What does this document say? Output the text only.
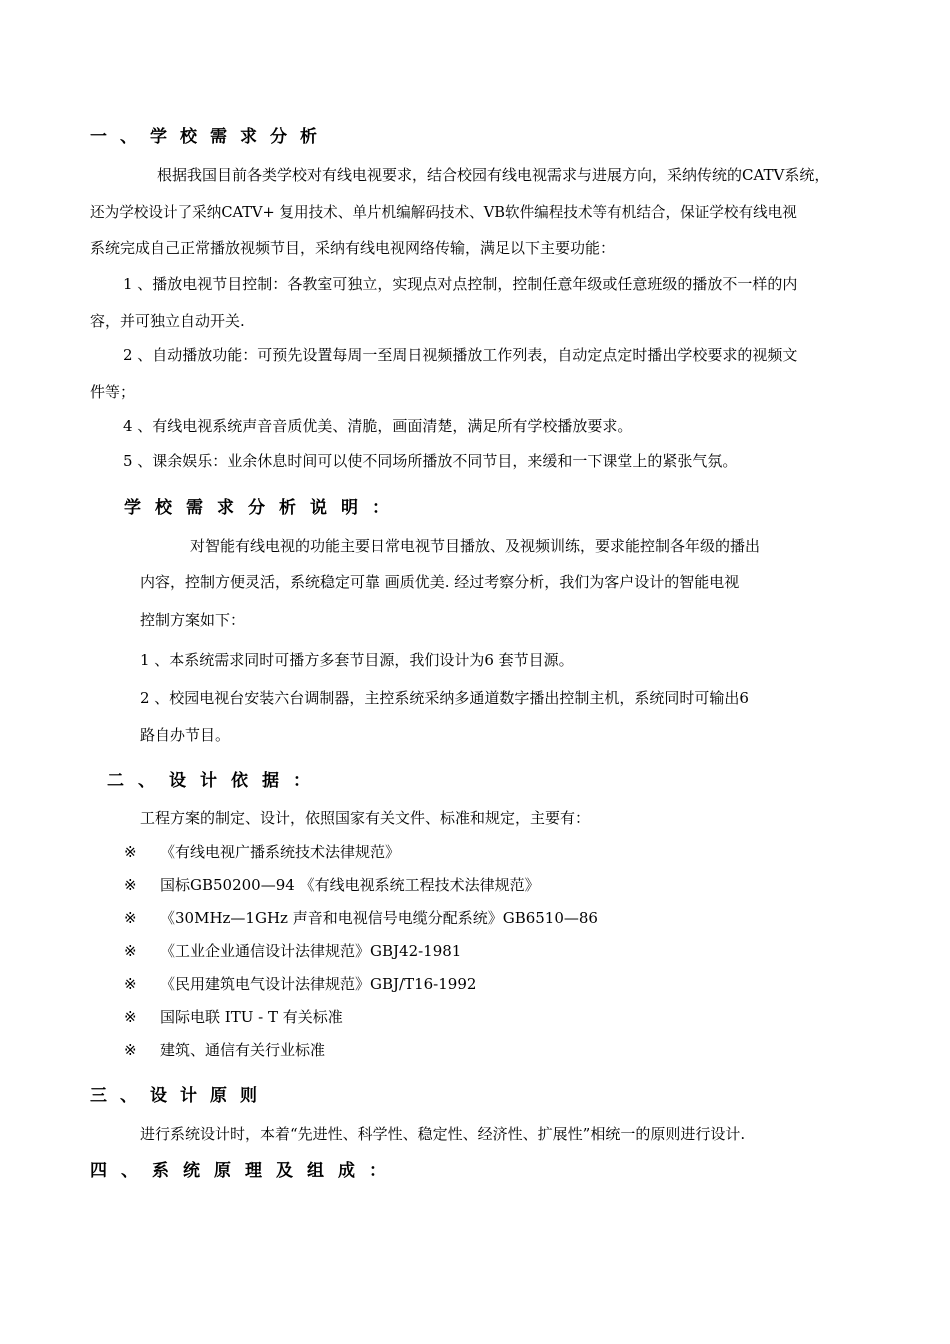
一、学校需求分析
根据我国目前各类学校对有线电视要求，结合校园有线电视需求与进展方向，采纳传统的CATV系统，
还为学校设计了采纳CATV+ 复用技术、单片机编解码技术、VB软件编程技术等有机结合，保证学校有线电视
系统完成自己正常播放视频节目，采纳有线电视网络传输，满足以下主要功能：
1 、播放电视节目控制：各教室可独立，实现点对点控制，控制任意年级或任意班级的播放不一样的内
容，并可独立自动开关.
2 、自动播放功能：可预先设置每周一至周日视频播放工作列表，自动定点定时播出学校要求的视频文
件等；
4 、有线电视系统声音音质优美、清脆，画面清楚，满足所有学校播放要求。
5 、课余娱乐：业余休息时间可以使不同场所播放不同节目，来缓和一下课堂上的紧张气氛。
学校需求分析说明：
对智能有线电视的功能主要日常电视节目播放、及视频训练，要求能控制各年级的播出
内容，控制方便灵活，系统稳定可靠 画质优美. 经过考察分析，我们为客户设计的智能电视
控制方案如下：
1 、本系统需求同时可播方多套节目源，我们设计为6 套节目源。
2 、校园电视台安装六台调制器，主控系统采纳多通道数字播出控制主机，系统同时可输出6
路自办节目。
二、设计依据：
工程方案的制定、设计，依照国家有关文件、标准和规定，主要有：
※ 《有线电视广播系统技术法律规范》
※ 国标GB50200—94 《有线电视系统工程技术法律规范》
※ 《30MHz—1GHz 声音和电视信号电缆分配系统》GB6510—86
※ 《工业企业通信设计法律规范》GBJ42-1981
※ 《民用建筑电气设计法律规范》GBJ/T16-1992
※ 国际电联 ITU - T 有关标准
※ 建筑、通信有关行业标准
三、设计原则
进行系统设计时，本着“先进性、科学性、稳定性、经济性、扩展性”相统一的原则进行设计.
四、系统原理及组成：
